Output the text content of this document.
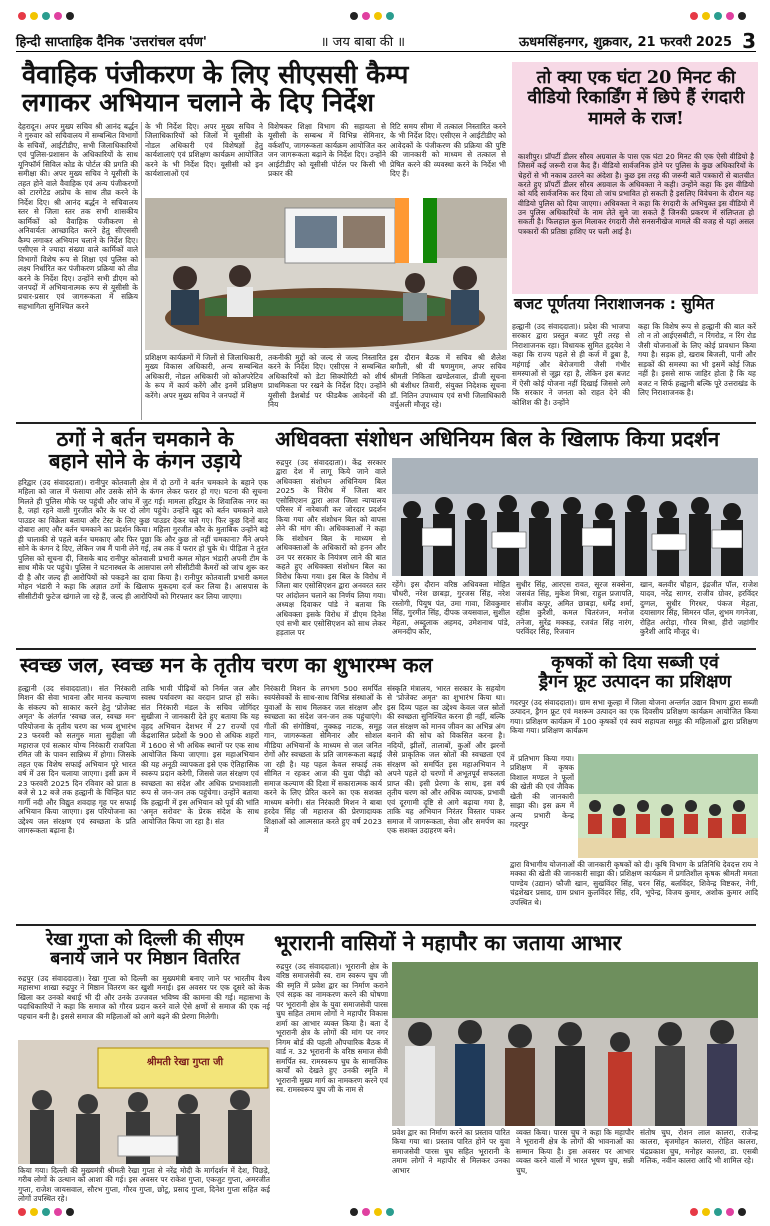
हिन्दी साप्ताहिक दैनिक 'उत्तरांचल दर्पण'	॥ जय बाबा की ॥	ऊधमसिंहनगर, शुक्रवार, 21 फरवरी 2025 3
वैवाहिक पंजीकरण के लिए सीएससी कैम्प
लगाकर अभियान चलाने के दिए निर्देश
देहरादून। अपर मुख्य सचिव श्री आनंद बर्द्धन ने गुरुवार को सचिवालय में सम्बन्धित विभागों के सचिवों, आईटीडीए, सभी जिलाधिकारियों एवं पुलिस-प्रशासन के अधिकारियों के साथ यूनिफॉर्म सिविल कोड के पोर्टल की प्रगति की समीक्षा की। अपर मुख्य सचिव ने यूसीसी के तहत होने वाले वैवाहिक एवं अन्य पंजीकरणों को टारगेटेड अप्रोच के साथ तीव्र करने के निर्देश दिए। श्री आनंद बर्द्धन ने सचिवालय स्तर से जिला स्तर तक सभी शासकीय कार्मिकों को वैवाहिक पंजीकरण से अनिवार्यतः आच्छादित करने हेतु सीएससी कैम्प लगाकर अभियान चलाने के निर्देश दिए। एसीएस ने ज्यादा संख्या वाले कार्मिकों वाले विभागों विशेष रूप से शिक्षा एवं पुलिस को लक्ष्य निर्धारित कर पंजीकरण प्रक्रिया को तीव्र करने के निर्देश दिए। उन्होंने सभी डीएम को जनपदों में अभियानात्मक रूप से यूसीसी के प्रचार-प्रसार एवं जागरूकता में सक्रिय सहभागिता सुनिश्चित करने
के भी निर्देश दिए। अपर मुख्य सचिव ने जिलाधिकारियों को जिलों में यूसीसी के नोडल अधिकारी एवं विशेषज्ञों हेतु कार्यशालाएं एवं प्रशिक्षण कार्यक्रम आयोजित करने के भी निर्देश दिए। यूसीसी को इन कार्यशालाओं एवं
विशेषकर शिक्षा विभाग की सहायता से यूसीसी के सम्बन्ध में विभिन्न सेमिनार, वर्कशॉप, जागरूकता कार्यक्रम आयोजित कर जन जागरूकता बढ़ाने के निर्देश दिए। उन्होंने आईटीडीए को यूसीसी पोर्टल पर किसी भी प्रकार की
रिटि समय सीमा में तत्काल निस्तारित करने के भी निर्देश दिए। एसीएस ने आईटीडीए को आवेदकों के पंजीकरण की प्रक्रिया की पुष्टि की जानकारी को माध्यम से तत्काल से प्रेषित करने की व्यवस्था करने के निर्देश भी दिए हैं।
प्रशिक्षण कार्यक्रमों में जिलों से जिलाधिकारी, मुख्य विकास अधिकारी, अन्य सम्बन्धित अधिकारी, नोडल अधिकारी जो कोअपरेटिव के रूप में कार्य करेंगे और इनमें प्रशिक्षण करेंगे। अपर मुख्य सचिव ने जनपदों में
तकनीकी मुद्दों को जल्द से जल्द निस्तारित करने के निर्देश दिए। एसीएस ने सम्बन्धित अधिकारियों को डेटा सिक्योरिटी को शीर्ष प्राथमिकता पर रखने के निर्देश दिए। उन्होंने यूसीसी डैशबोर्ड पर फीडबैक आवेदनों की निय
इस दौरान बैठक में सचिव श्री शैलेश बगौली, श्री वी षणमुगम, अपर सचिव श्रीमती निकिता खण्डेलवाल, डीजी सूचना श्री बंशीधर तिवारी, संयुक्त निदेशक सूचना डॉ. नितिन उपाध्याय एवं सभी जिलाधिकारी वर्चुअली मौजूद रहे।
तो क्या एक घंटा 20 मिनट की वीडियो रिकार्डिंग में छिपे हैं रंगदारी मामले के राज!
काशीपुर। प्रॉपर्टी डीलर सौरव अग्रवाल के पास एक घंटा 20 मिनट की एक ऐसी वीडियो है जिसमें कई जरूरी राज कैद हैं। वीडियो सार्वजनिक होने पर पुलिस के कुछ अधिकारियों के चेहरों से भी नकाब उतरने का अंदेशा है। कुछ इस तरह की जरूरी बातें पत्रकारों से बातचीत करते हुए प्रॉपर्टी डीलर सौरव अग्रवाल के अधिवक्ता ने कही। उन्होंने कहा कि इस वीडियो को यदि सार्वजनिक कर दिया तो जांच प्रभावित हो सकती है इसलिए विवेचना के दौरान यह वीडियो पुलिस को दिया जाएगा। अधिवक्ता ने कहा कि रंगदारी के अभियुक्त इस वीडियो में उन पुलिस अधिकारियों के नाम लेते सुने जा सकते हैं जिनकी प्रकरण में संलिप्तता हो सकती है। फिलहाल कुल मिलाकर रंगदारी जैसे सनसनीखेज मामले की वजह से यहां असल पत्रकारों की प्रतिष्ठा हाशिए पर चली आई है।
बजट पूर्णतया निराशाजनक : सुमित
हल्द्वानी (उद संवाददाता)। प्रदेश की भाजपा सरकार द्वारा प्रस्तुत बजट पूरी तरह से निराशाजनक रहा। विधायक सुमित हृदयेश ने कहा कि राज्य पहले से ही कर्ज में डूबा है, महंगाई और बेरोजगारी जैसी गंभीर समस्याओं से जूझ रहा है, लेकिन इस बजट में ऐसी कोई योजना नहीं दिखाई जिससे लगे कि सरकार ने जनता को राहत देने की कोशिश की है। उन्होंने
कहा कि विशेष रूप से हल्द्वानी की बात करें तो न तो आईएसबीटी, न रिंगरोड, न रिंग रोड जैसी योजनाओं के लिए कोई प्रावधान किया गया है। सड़क हो, खराब बिजली, पानी और सड़कों की समस्या का भी इसमें कोई जिक्र नहीं है। इससे साफ जाहिर होता है कि यह बजट न सिर्फ हल्द्वानी बल्कि पूरे उत्तराखंड के लिए निराशाजनक है।
ठगों ने बर्तन चमकाने के
बहाने सोने के कंगन उड़ाये
हरिद्वार (उद संवाददाता)। रानीपुर कोतवाली क्षेत्र में दो ठगों ने बर्तन चमकाने के बहाने एक महिला को जाल में फंसाया और उसके सोने के कंगन लेकर फरार हो गए। घटना की सूचना मिलते ही पुलिस मौके पर पहुंची और जांच में जुट गई। मामला हरिद्वार के शिवालिक नगर का है, जहां रहने वाली गुरजीत कौर के घर दो लोग पहुंचे। उन्होंने खुद को बर्तन चमकाने वाले पाउडर का विक्रेता बताया और टेस्ट के लिए कुछ पाउडर देकर चले गए। फिर कुछ दिनों बाद दोबारा आए और बर्तन चमकाने का प्रदर्शन किया। महिला गुरजीत कौर के मुताबिक उन्होंने बड़े ही चालाकी से पहले बर्तन चमकाए और फिर पूछा कि और कुछ तो नहीं चमकाना? मैंने अपने सोने के कंगन दे दिए, लेकिन जब मैं पानी लेने गई, तब तक वे फरार हो चुके थे। पीड़िता ने तुरंत पुलिस को सूचना दी, जिसके बाद रानीपुर कोतवाली प्रभारी कमल मोहन भंडारी अपनी टीम के साथ मौके पर पहुंचे। पुलिस ने घटनास्थल के आसपास लगे सीसीटीवी कैमरों को जांच शुरू कर दी है और जल्द ही आरोपियों को पकड़ने का दावा किया है। रानीपुर कोतवाली प्रभारी कमल मोहन भंडारी ने कहा कि अज्ञात ठगों के खिलाफ मुकदमा दर्ज कर लिया है। आसपास के सीसीटीवी फुटेज खंगाले जा रहे हैं, जल्द ही आरोपियों को गिरफ्तार कर लिया जाएगा।
अधिवक्ता संशोधन अधिनियम बिल के खिलाफ किया प्रदर्शन
रुद्रपुर (उद संवाददाता)। केंद्र सरकार द्वारा देश में लागू किये जाने वाले अधिवक्ता संशोधन अधिनियम बिल 2025 के विरोध में जिला बार एसोसिएशन द्वारा आज जिला न्यायालय परिसर में नारेबाजी कर जोरदार प्रदर्शन किया गया और संशोधन बिल को वापस लेने की मांग की। अधिवक्ताओं ने कहा कि संशोधन बिल के माध्यम से अधिवक्ताओं के अधिकारों को हनन और उन पर सरकार के नियंत्रण लाने की बात कहते हुए अधिवक्ता संशोधन बिल का विरोध किया गया। इस बिल के विरोध में जिला बार एसोसिएशन द्वारा अनवरत स्तर पर आंदोलन चलाने का निर्णय लिया गया। अध्यक्ष दिवाकर पांडे ने बताया कि अधिवक्ता इसके विरोध में डीएम दिनेश एवं सभी बार एसोसिएशन को साथ लेकर हड़ताल पर
रहेंगे। इस दौरान वरिष्ठ अधिवक्ता मोहित चौधरी, नरेश छाबड़ा, गुरजस सिंह, नरेश रस्तोगी, पियूष पंत, उमा गावा, शिवकुमार सिंह, गुरमीत सिंह, दीपक जयसवाल, सुशील मेहता, अब्दुलाक अहमद, उमेशनाथ पांडे, अमनदीप कौर,
सुधीर सिंह, आरएस रावत, सूरज सक्सेना, जसवंत सिंह, मुकेश मिश्रा, राहुल प्रजापति, संजीव कपूर, अमित छाबड़ा, धर्मेंद्र शर्मा, रहीस कुरैशी, कमल चितरंजन, मनोज तनेजा, सुरेंद्र मक्कड़, रजवंत सिंह नारंग, परविंदर सिंह, रिजवान
खान, बलवीर चौहान, इंद्रजीत पॉल, राजेश यादव, नरेंद्र सागर, राजीव ग्रोवर, हरविंदर दुग्गल, सुधीर गिरधर, पंकज मेहता, दयासागर सिंह, सिमरन पॉल, शुभम गगनेजा, रोहित अरोड़ा, गौरव मिश्रा, हीरो जहांगीर कुरैशी आदि मौजूद थे।
स्वच्छ जल, स्वच्छ मन के तृतीय चरण का शुभारम्भ कल
हल्द्वानी (उद संवाददाता)। संत निरंकारी मिशन की सेवा भावना और मानव कल्याण के संकल्प को साकार करने हेतु 'प्रोजेक्ट अमृत' के अंतर्गत 'स्वच्छ जल, स्वच्छ मन' परियोजना के तृतीय चरण का भव्य शुभारंभ 23 फरवरी को सतगुरु माता सुदीक्षा जी महाराज एवं सत्कार योग्य निरंकारी राजपिता रमित जी के पावन सान्निध्य में होगा। जिसके तहत एक विशेष सफाई अभियान पूरे भारत वर्ष में उस दिन चलाया जाएगा। इसी क्रम में 23 फरवरी 2025 दिन रविवार को प्रातः 8 बजे से 12 बजे तक हल्द्वानी के चिन्हित घाट गार्गी नदी और विद्युत शवदाह गृह पर सफाई अभियान किया जाएगा। इस परियोजना का उद्देश्य जल संरक्षण एवं स्वच्छता के प्रति जागरूकता बढ़ाना है।
ताकि भावी पीढ़ियों को निर्मल जल और स्वस्थ पर्यावरण का वरदान प्राप्त हो सके। संत निरंकारी मंडल के सचिव जोगिंदर सुखीजा ने जानकारी देते हुए बताया कि यह वृहद अभियान देशभर में 27 राज्यों एवं केंद्रशासित प्रदेशों के 900 से अधिक शहरों में 1600 से भी अधिक स्थानों पर एक साथ आयोजित किया जाएगा। इस महाअभियान की यह अनूठी व्यापकता इसे एक ऐतिहासिक स्वरूप प्रदान करेगी, जिससे जल संरक्षण एवं स्वच्छता का संदेश और अधिक प्रभावशाली रूप से जन-जन तक पहुंचेगा। उन्होंने बताया कि हल्द्वानी में इस अभियान को पूर्व की भांति 'अमृत सरोवर' के प्रेरक संदेश के साथ आयोजित किया जा रहा है। संत
निरंकारी मिशन के लगभग 500 समर्पित स्वयंसेवकों के साथ-साथ विभिन्न संस्थाओं के युवाओं के साथ मिलकर जल संरक्षण और स्वच्छता का संदेश जन-जन तक पहुंचाएंगे। गीतों की संगोष्ठियां, नुक्कड़ नाटक, समूह गान, जागरूकता सेमिनार और सोशल मीडिया अभियानों के माध्यम से जल जनित रोगों और स्वच्छता के प्रति जागरूकता बढ़ाई जा रही है। यह पहल केवल सफाई तक सीमित न रहकर आज की युवा पीढ़ी को समाज कल्याण की दिशा में सकारात्मक कार्य करने के लिए प्रेरित करने का एक सशक्त माध्यम बनेगी। संत निरंकारी मिशन ने बाबा हरदेव सिंह जी महाराज की प्रेरणादायक शिक्षाओं को आत्मसात करते हुए वर्ष 2023 में
संस्कृति मंत्रालय, भारत सरकार के सहयोग से 'प्रोजेक्ट अमृत' का शुभारंभ किया था। इस दिव्य पहल का उद्देश्य केवल जल स्रोतों की स्वच्छता सुनिश्चित करना ही नहीं, बल्कि जल संरक्षण को मानव जीवन का अभिन्न अंग बनाने की सोच को विकसित करना है। नदियों, झीलों, तालाबों, कुओं और झरनों जैसे प्राकृतिक जल स्रोतों की स्वच्छता एवं संरक्षण को समर्पित इस महाअभियान ने अपने पहले दो चरणों में अभूतपूर्व सफलता प्राप्त की। इसी प्रेरणा के साथ, इस वर्ष तृतीय चरण को और अधिक व्यापक, प्रभावी एवं दूरगामी दृष्टि से आगे बढ़ाया गया है, ताकि यह अभियान निरंतर विस्तार पाकर समाज में जागरूकता, सेवा और समर्पण का एक सशक्त उदाहरण बने।
कृषकों को दिया सब्जी एवं
ड्रैगन फ्रूट उत्पादन का प्रशिक्षण
गदरपुर (उद संवाददाता)। ग्राम सभा कूल्हा में जिला योजना अन्तर्गत उद्यान विभाग द्वारा सब्जी उत्पादन, ड्रैगन फ्रूट एवं मशरूम उत्पादन का एक दिवसीय प्रशिक्षण कार्यक्रम आयोजित किया गया। प्रशिक्षण कार्यक्रम में 100 कृषकों एवं स्वयं सहायता समूह की महिलाओं द्वारा प्रशिक्षण किया गया। प्रशिक्षण कार्यक्रम
में प्रतिभाग किया गया। प्रशिक्षण में कृषक विशाल मण्डल ने फूलों की खेती की एवं जैविक खेती की जानकारी साझा की। इस क्रम में अन्य प्रभारी केन्द्र गदरपुर
द्वारा विभागीय योजनाओं की जानकारी कृषकों को दी। कृषि विभाग के प्रतिनिधि देवदत्त राय ने मक्का की खेती की जानकारी साझा की। प्रशिक्षण कार्यक्रम में प्रगतिशील कृषक श्रीमती ममता पाण्डेय (उद्यान) फौजी खान, सुखविंदर सिंह, चरन सिंह, बलविंदर, शिवेन्द्र विष्टकर, नेगी, चंद्रशेखर प्रसाद, ग्राम प्रधान कुलविंदर सिंह, रवि, भूपेन्द्र, विजय कुमार, अशोक कुमार आदि उपस्थित थे।
रेखा गुप्ता को दिल्ली की सीएम
बनाये जाने पर मिष्ठान वितरित
रुद्रपुर (उद संवाददाता)। रेखा गुप्ता को दिल्ली का मुख्यमंत्री बनाए जाने पर भारतीय वैश्य महासभा शाखा रुद्रपुर ने मिष्ठान वितरण कर खुशी मनाई। इस अवसर पर एक दूसरे को केक खिला कर उनको बधाई भी दी और उनके उज्जवल भविष्य की कामना की गई। महासभा के पदाधिकारियों ने कहा कि समाज को गौरव प्रदान करने वाले ऐसे क्षणों से समाज की एक नई पहचान बनी है। इससे समाज की महिलाओं को आगे बढ़ने की प्रेरणा मिलेगी।
श्रीमती रेखा गुप्ता जी
किया गया। दिल्ली की मुख्यमंत्री श्रीमती रेखा गुप्ता से नरेंद्र मोदी के मार्गदर्शन में देश, पिछड़े, गरीब लोगों के उत्थान को आशा की गई। इस अवसर पर राकेश गुप्ता, एकजुट गुप्ता, अमरजीत गुप्ता, राजेश जायसवाल, सौरभ गुप्ता, गौरव गुप्ता, छोटू, प्रसाद गुप्ता, दिनेश गुप्ता सहित कई लोगों उपस्थित रहे।
भूरारानी वासियों ने महापौर का जताया आभार
रुद्रपुर (उद संवाददाता)। भूरारानी क्षेत्र के वरिष्ठ समाजसेवी स्व. राम स्वरूप चुघ जी की स्मृति में प्रवेश द्वार का निर्माण कराने एवं सड़क का नामकरण करने की घोषणा पर भूरारानी क्षेत्र के युवा समाजसेवी पारस चुघ सहित तमाम लोगों ने महापौर विकास शर्मा का आभार व्यक्त किया है। बता दें भूरारानी क्षेत्र के लोगों की मांग पर नगर निगम बोर्ड की पहली औपचारिक बैठक में वार्ड न. 32 भूरारानी के वरिष्ठ समाज सेवी समर्पित स्व. रामस्वरूप चुघ के सामाजिक कार्यों को देखते हुए उनकी स्मृति में भूरारानी मुख्य मार्ग का नामकरण करने एवं स्व. रामस्वरूप चुघ जी के नाम से
प्रवेश द्वार का निर्माण करने का प्रस्ताव पारित किया गया था। प्रस्ताव पारित होने पर युवा समाजसेवी पारस चुघ सहित भूरारानी के तमाम लोगों ने महापौर से मिलकर उनका आभार
व्यक्त किया। पारस चुघ ने कहा कि महापौर ने भूरारानी क्षेत्र के लोगों की भावनाओं का सम्मान किया है। इस अवसर पर आभार व्यक्त करने वालों में भारत भूषण चुघ, सन्नी चुघ,
संतोष चुघ, रोशन लाल कालरा, राजेन्द्र कालरा, बृजमोहन कालरा, रोहित कालरा, चंद्रप्रकाश चुघ, मनोहर कालरा, डा. एसबी मलिक, नवीन कालरा आदि भी शामिल रहे।
